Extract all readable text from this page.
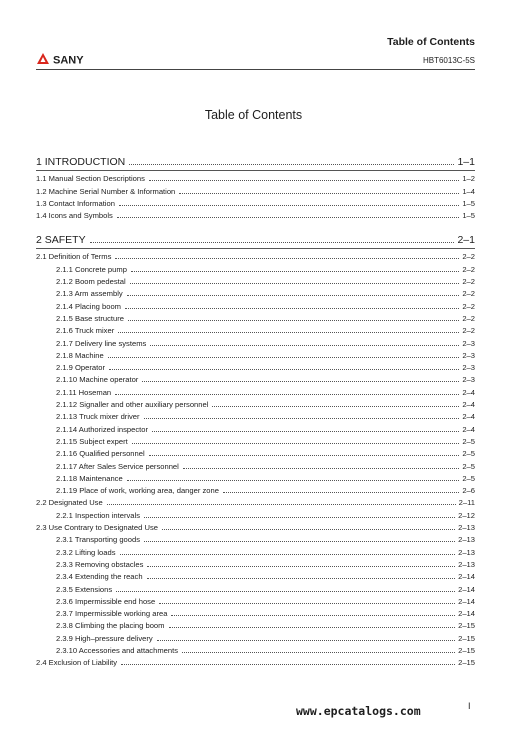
SANY
Table of Contents
HBT6013C-5S
Table of Contents
1 INTRODUCTION	1–1
1.1 Manual Section Descriptions	1–2
1.2 Machine Serial Number & Information	1–4
1.3 Contact Information	1–5
1.4 Icons and Symbols	1–5
2 SAFETY	2–1
2.1 Definition of Terms	2–2
2.1.1 Concrete pump	2–2
2.1.2 Boom pedestal	2–2
2.1.3 Arm assembly	2–2
2.1.4 Placing boom	2–2
2.1.5 Base structure	2–2
2.1.6 Truck mixer	2–2
2.1.7 Delivery line systems	2–3
2.1.8 Machine	2–3
2.1.9 Operator	2–3
2.1.10 Machine operator	2–3
2.1.11 Hoseman	2–4
2.1.12 Signaller and other auxiliary personnel	2–4
2.1.13 Truck mixer driver	2–4
2.1.14 Authorized inspector	2–4
2.1.15 Subject expert	2–5
2.1.16 Qualified personnel	2–5
2.1.17 After Sales Service personnel	2–5
2.1.18 Maintenance	2–5
2.1.19 Place of work, working area, danger zone	2–6
2.2 Designated Use	2–11
2.2.1 Inspection intervals	2–12
2.3 Use Contrary to Designated Use	2–13
2.3.1 Transporting goods	2–13
2.3.2 Lifting loads	2–13
2.3.3 Removing obstacles	2–13
2.3.4 Extending the reach	2–14
2.3.5 Extensions	2–14
2.3.6 Impermissible end hose	2–14
2.3.7 Impermissible working area	2–14
2.3.8 Climbing the placing boom	2–15
2.3.9 High–pressure delivery	2–15
2.3.10 Accessories and attachments	2–15
2.4 Exclusion of Liability	2–15
www.epcatalogs.com	I
